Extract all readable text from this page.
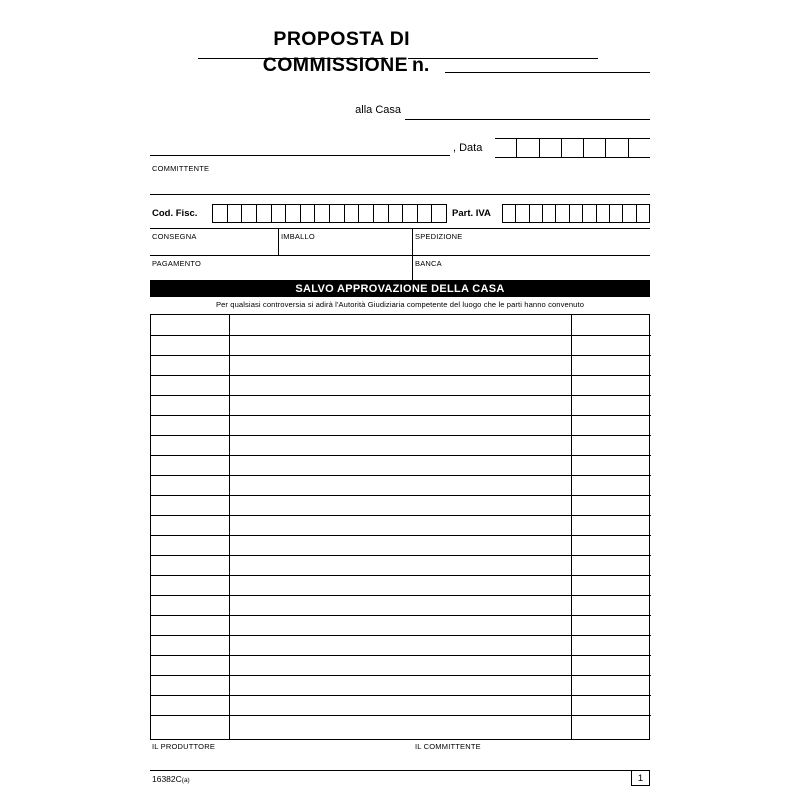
PROPOSTA DI
COMMISSIONE n.
alla Casa
, Data
COMMITTENTE
Cod. Fisc.	Part. IVA
CONSEGNA	IMBALLO	SPEDIZIONE
PAGAMENTO	BANCA
SALVO APPROVAZIONE DELLA CASA
Per qualsiasi controversia si adirà l'Autorità Giudiziaria competente del luogo che le parti hanno convenuto
IL PRODUTTORE	IL COMMITTENTE
16382C(a)	1
